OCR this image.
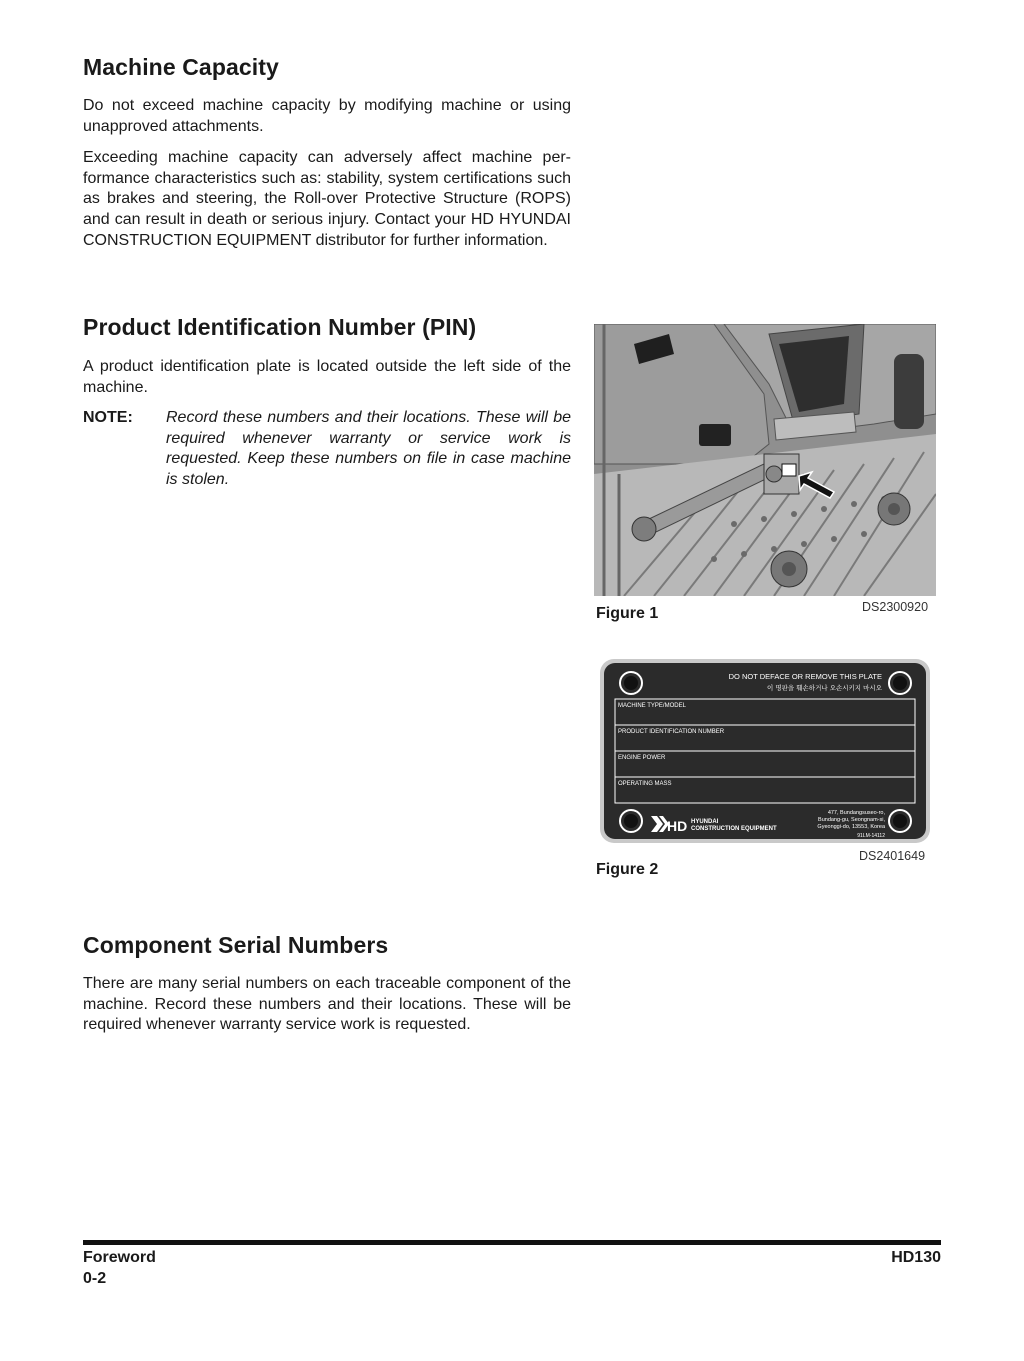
Machine Capacity

Do not exceed machine capacity by modifying machine or using unapproved attachments.

Exceeding machine capacity can adversely affect machine per-formance characteristics such as: stability, system certifications such as brakes and steering, the Roll-over Protective Structure (ROPS) and can result in death or serious injury. Contact your HD HYUNDAI CONSTRUCTION EQUIPMENT distributor for further information.

Product Identification Number (PIN)

A product identification plate is located outside the left side of the machine.

NOTE: Record these numbers and their locations. These will be required whenever warranty or service work is requested. Keep these numbers on file in case machine is stolen.
Component Serial Numbers

There are many serial numbers on each traceable component of the machine. Record these numbers and their locations. These will be required whenever warranty service work is requested.

Figure 1	DS2300920
DO NOT DEFACE OR REMOVE THIS PLATE
이 명판을 훼손하거나 오손시키지 마시오
MACHINE TYPE/MODEL
PRODUCT IDENTIFICATION NUMBER
ENGINE POWER
OPERATING MASS
HD HYUNDAI
CONSTRUCTION EQUIPMENT
477, Bundangsuseo-ro,
Bundang-gu, Seongnam-si,
Gyeonggi-do, 13553, Korea
91LM-14112
DS2401649
Figure 2
Foreword
0-2
HD130
